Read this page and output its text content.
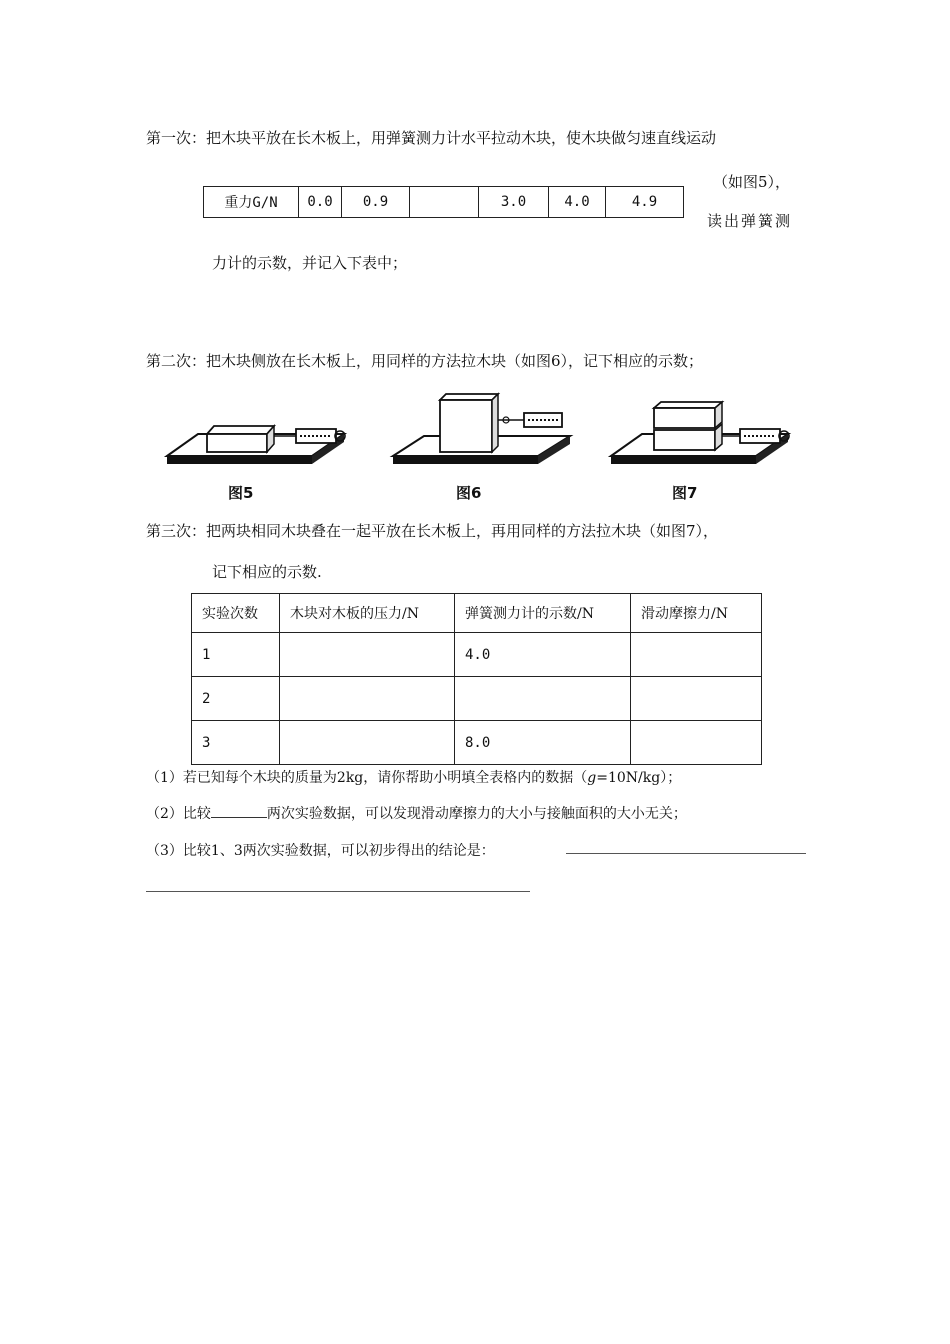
第一次：把木块平放在长木板上，用弹簧测力计水平拉动木块，使木块做匀速直线运动
（如图5），
读出弹簧测
力计的示数，并记入下表中；
重力G/N	0.0	0.9		3.0	4.0	4.9
第二次：把木块侧放在长木板上，用同样的方法拉木块（如图6），记下相应的示数；
图5	图6	图7
第三次：把两块相同木块叠在一起平放在长木板上，再用同样的方法拉木块（如图7），
记下相应的示数.
实验次数	木块对木板的压力/N	弹簧测力计的示数/N	滑动摩擦力/N
1		4.0	
2			
3		8.0	
（1）若已知每个木块的质量为2kg，请你帮助小明填全表格内的数据（g=10N/kg）；
（2）比较	两次实验数据，可以发现滑动摩擦力的大小与接触面积的大小无关；
（3）比较1、3两次实验数据，可以初步得出的结论是：
